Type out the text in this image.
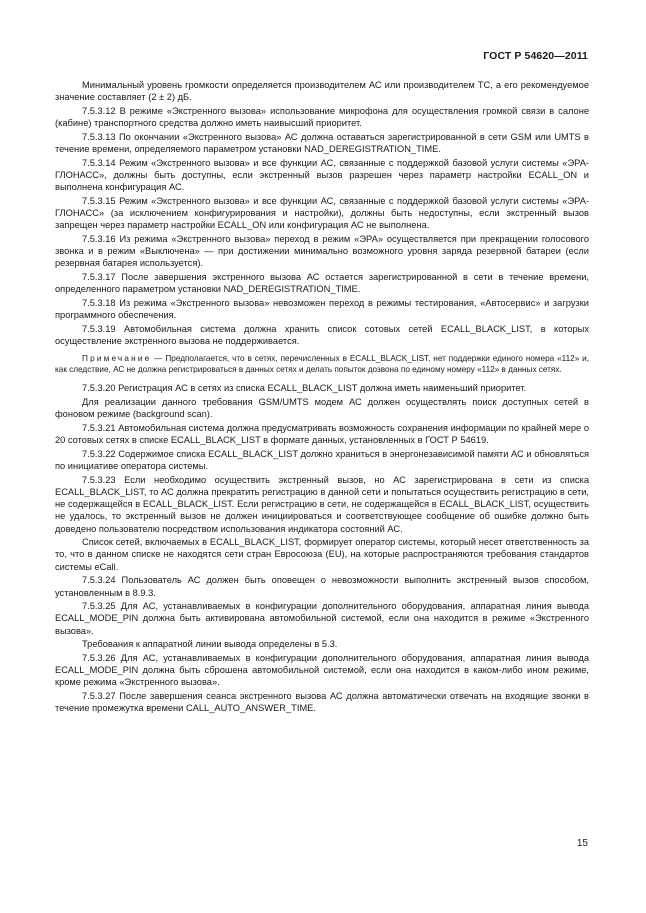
ГОСТ Р 54620—2011

Минимальный уровень громкости определяется производителем АС или производителем ТС, а его рекомендуемое значение составляет (2 ± 2) дБ.

7.5.3.12 В режиме «Экстренного вызова» использование микрофона для осуществления громкой связи в салоне (кабине) транспортного средства должно иметь наивысший приоритет.

7.5.3.13 По окончании «Экстренного вызова» АС должна оставаться зарегистрированной в сети GSM или UMTS в течение времени, определяемого параметром установки NAD_DEREGISTRATION_TIME.

7.5.3.14 Режим «Экстренного вызова» и все функции АС, связанные с поддержкой базовой услуги системы «ЭРА-ГЛОНАСС», должны быть доступны, если экстренный вызов разрешен через параметр настройки ECALL_ON и выполнена конфигурация АС.

7.5.3.15 Режим «Экстренного вызова» и все функции АС, связанные с поддержкой базовой услуги системы «ЭРА-ГЛОНАСС» (за исключением конфигурирования и настройки), должны быть недоступны, если экстренный вызов запрещен через параметр настройки ECALL_ON или конфигурация АС не выполнена.

7.5.3.16 Из режима «Экстренного вызова» переход в режим «ЭРА» осуществляется при прекращении голосового звонка и в режим «Выключена» — при достижении минимально возможного уровня заряда резервной батареи (если резервная батарея используется).

7.5.3.17 После завершения экстренного вызова АС остается зарегистрированной в сети в течение времени, определенного параметром установки NAD_DEREGISTRATION_TIME.

7.5.3.18 Из режима «Экстренного вызова» невозможен переход в режимы тестирования, «Автосервис» и загрузки программного обеспечения.

7.5.3.19 Автомобильная система должна хранить список сотовых сетей ECALL_BLACK_LIST, в которых осуществление экстренного вызова не поддерживается.

Примечание — Предполагается, что в сетях, перечисленных в ECALL_BLACK_LIST, нет поддержки единого номера «112» и, как следствие, АС не должна регистрироваться в данных сетях и делать попыток дозвона по единому номеру «112» в данных сетях.

7.5.3.20 Регистрация АС в сетях из списка ECALL_BLACK_LIST должна иметь наименьший приоритет.

Для реализации данного требования GSM/UMTS модем АС должен осуществлять поиск доступных сетей в фоновом режиме (background scan).

7.5.3.21 Автомобильная система должна предусматривать возможность сохранения информации по крайней мере о 20 сотовых сетях в списке ECALL_BLACK_LIST в формате данных, установленных в ГОСТ Р 54619.

7.5.3.22 Содержимое списка ECALL_BLACK_LIST должно храниться в энергонезависимой памяти АС и обновляться по инициативе оператора системы.

7.5.3.23 Если необходимо осуществить экстренный вызов, но АС зарегистрирована в сети из списка ECALL_BLACK_LIST, то АС должна прекратить регистрацию в данной сети и попытаться осуществить регистрацию в сети, не содержащейся в ECALL_BLACK_LIST. Если регистрацию в сети, не содержащейся в ECALL_BLACK_LIST, осуществить не удалось, то экстренный вызов не должен инициироваться и соответствующее сообщение об ошибке должно быть доведено пользователю посредством использования индикатора состояний АС.

Список сетей, включаемых в ECALL_BLACK_LIST, формирует оператор системы, который несет ответственность за то, что в данном списке не находятся сети стран Евросоюза (EU), на которые распространяются требования стандартов системы eCall.

7.5.3.24 Пользователь АС должен быть оповещен о невозможности выполнить экстренный вызов способом, установленным в 8.9.3.

7.5.3.25 Для АС, устанавливаемых в конфигурации дополнительного оборудования, аппаратная линия вывода ECALL_MODE_PIN должна быть активирована автомобильной системой, если она находится в режиме «Экстренного вызова».

Требования к аппаратной линии вывода определены в 5.3.

7.5.3.26 Для АС, устанавливаемых в конфигурации дополнительного оборудования, аппаратная линия вывода ECALL_MODE_PIN должна быть сброшена автомобильной системой, если она находится в каком-либо ином режиме, кроме режима «Экстренного вызова».

7.5.3.27 После завершения сеанса экстренного вызова АС должна автоматически отвечать на входящие звонки в течение промежутка времени CALL_AUTO_ANSWER_TIME.

15
